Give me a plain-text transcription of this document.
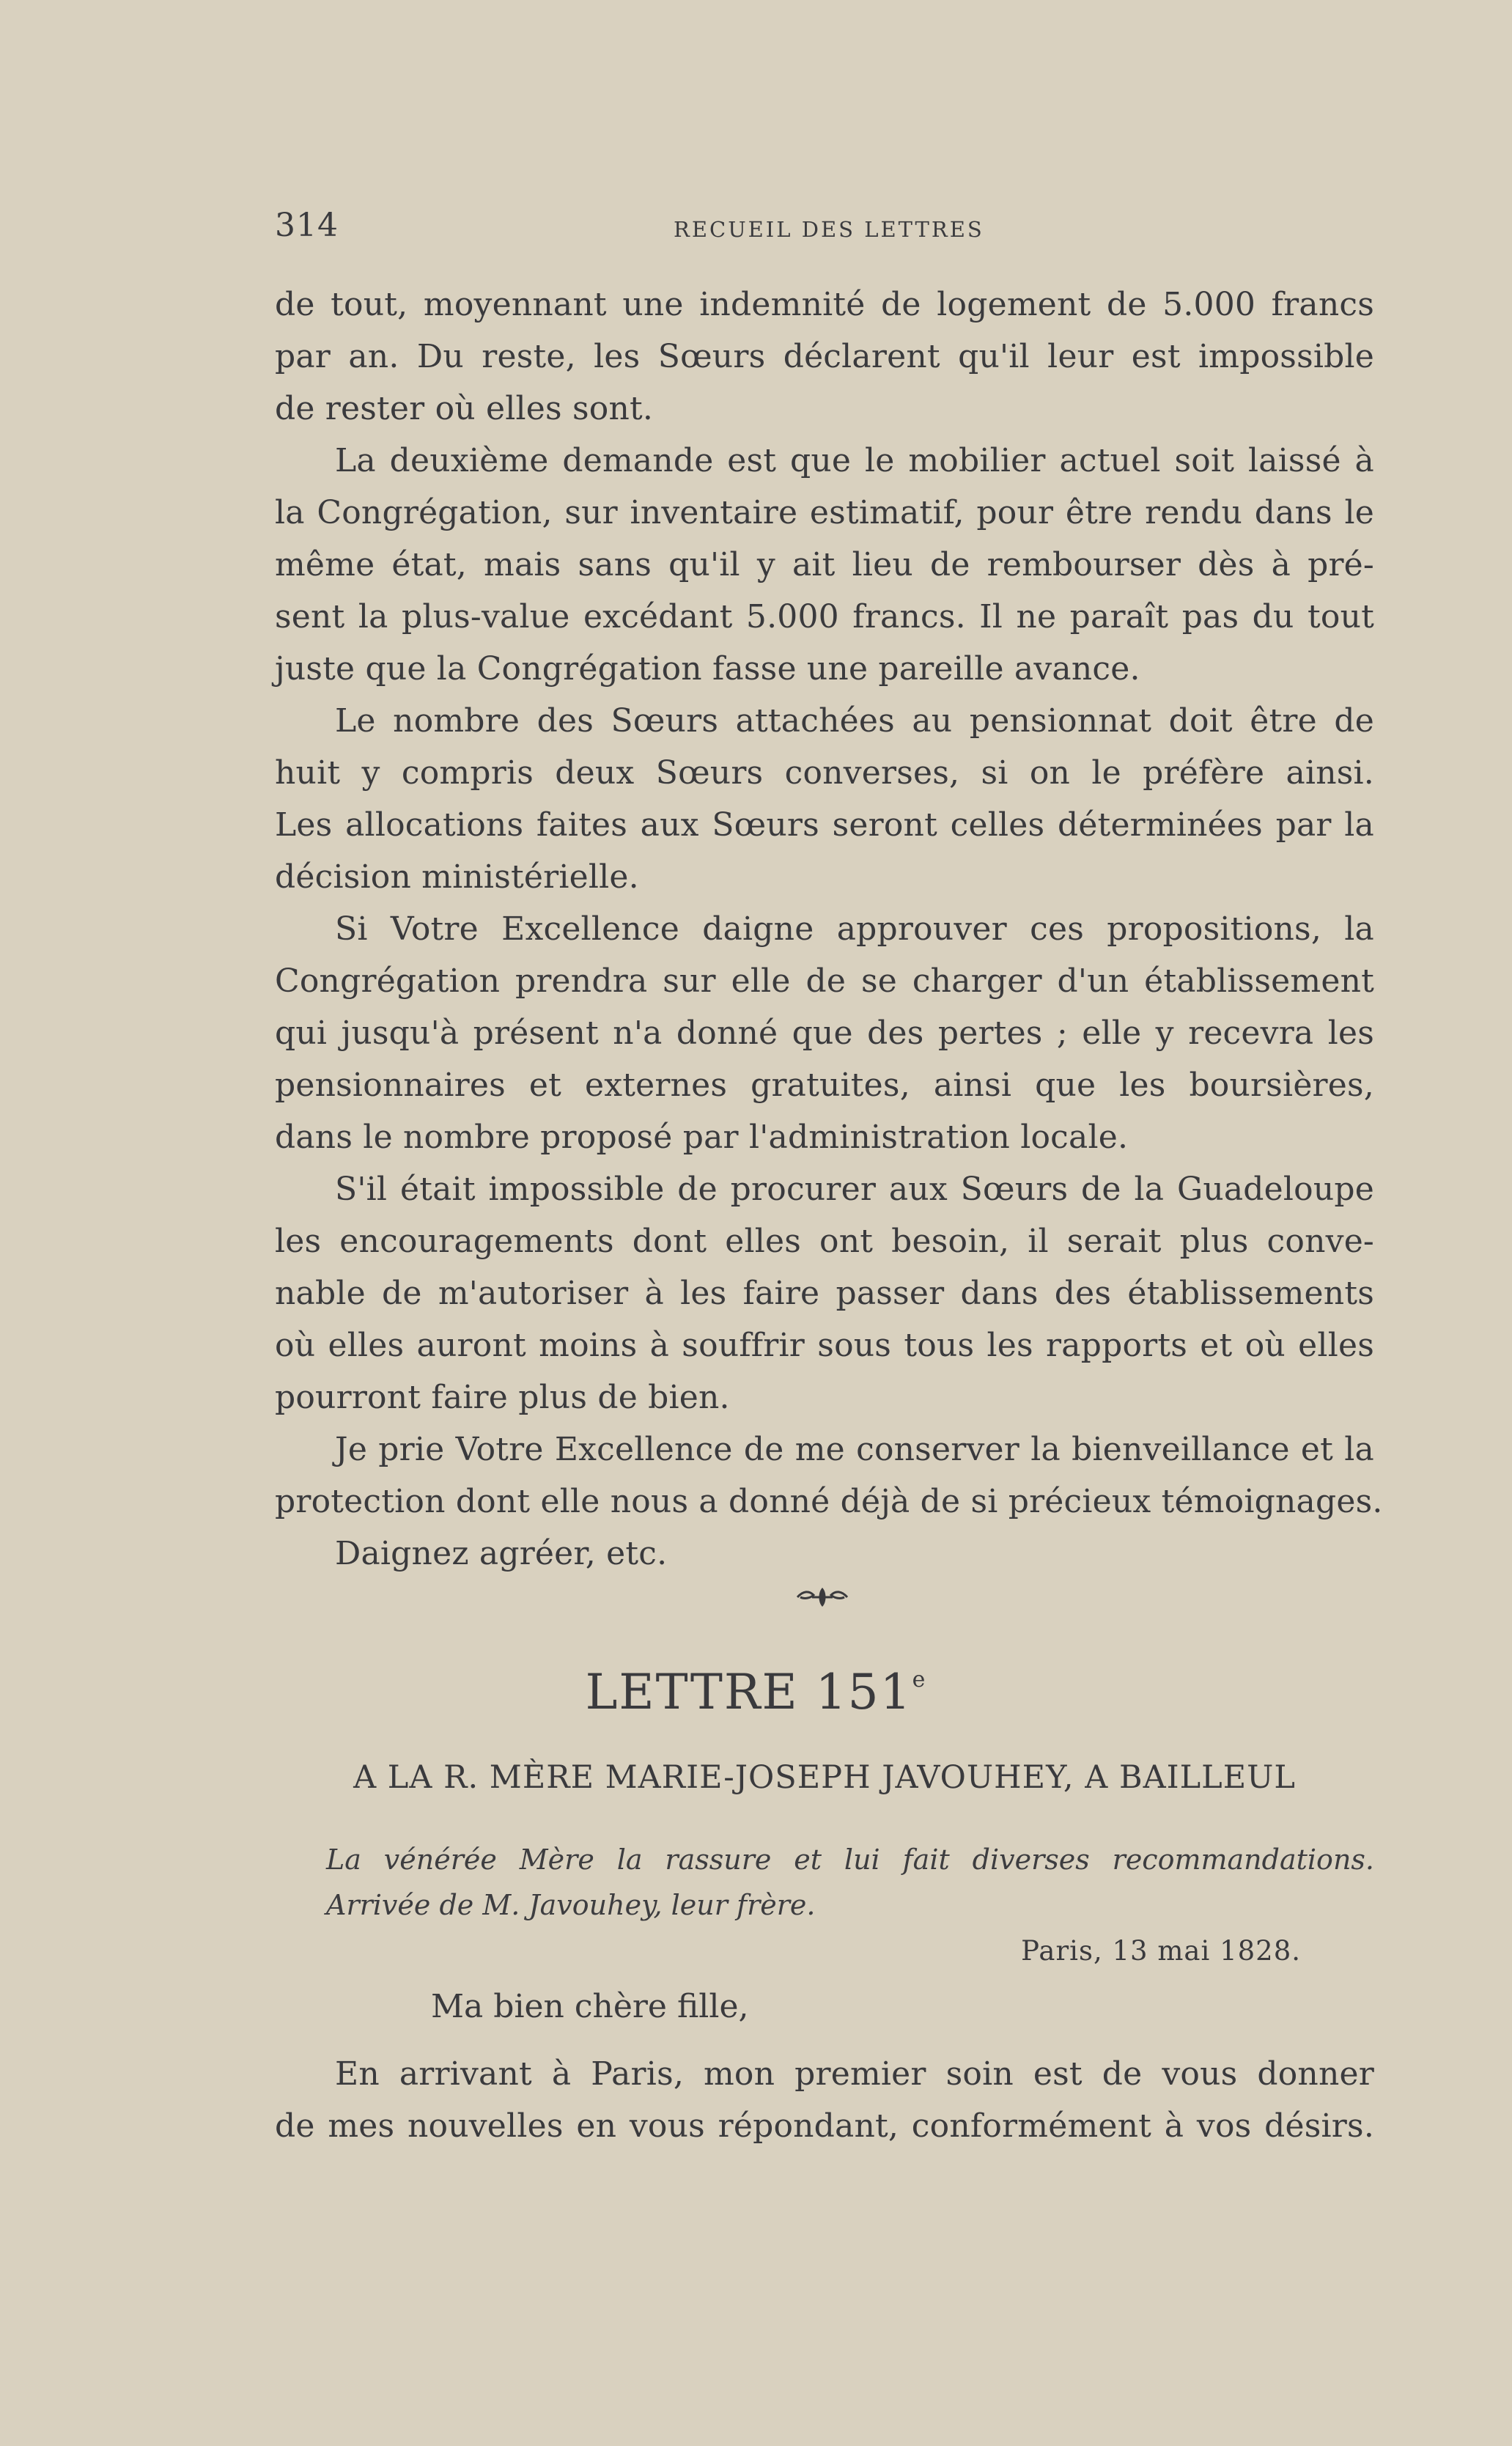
314	RECUEIL DES LETTRES
de tout, moyennant une indemnité de logement de 5.000 francs
par an. Du reste, les Sœurs déclarent qu'il leur est impossible
de rester où elles sont.
La deuxième demande est que le mobilier actuel soit laissé à
la Congrégation, sur inventaire estimatif, pour être rendu dans le
même état, mais sans qu'il y ait lieu de rembourser dès à pré-
sent la plus-value excédant 5.000 francs. Il ne paraît pas du tout
juste que la Congrégation fasse une pareille avance.
Le nombre des Sœurs attachées au pensionnat doit être de
huit y compris deux Sœurs converses, si on le préfère ainsi.
Les allocations faites aux Sœurs seront celles déterminées par la
décision ministérielle.
Si Votre Excellence daigne approuver ces propositions, la
Congrégation prendra sur elle de se charger d'un établissement
qui jusqu'à présent n'a donné que des pertes ; elle y recevra les
pensionnaires et externes gratuites, ainsi que les boursières,
dans le nombre proposé par l'administration locale.
S'il était impossible de procurer aux Sœurs de la Guadeloupe
les encouragements dont elles ont besoin, il serait plus conve-
nable de m'autoriser à les faire passer dans des établissements
où elles auront moins à souffrir sous tous les rapports et où elles
pourront faire plus de bien.
Je prie Votre Excellence de me conserver la bienveillance et la
protection dont elle nous a donné déjà de si précieux témoignages.
Daignez agréer, etc.
LETTRE 151e
A LA R. MÈRE MARIE-JOSEPH JAVOUHEY, A BAILLEUL
La vénérée Mère la rassure et lui fait diverses recommandations.
Arrivée de M. Javouhey, leur frère.
Paris, 13 mai 1828.
Ma bien chère fille,
En arrivant à Paris, mon premier soin est de vous donner
de mes nouvelles en vous répondant, conformément à vos désirs.
